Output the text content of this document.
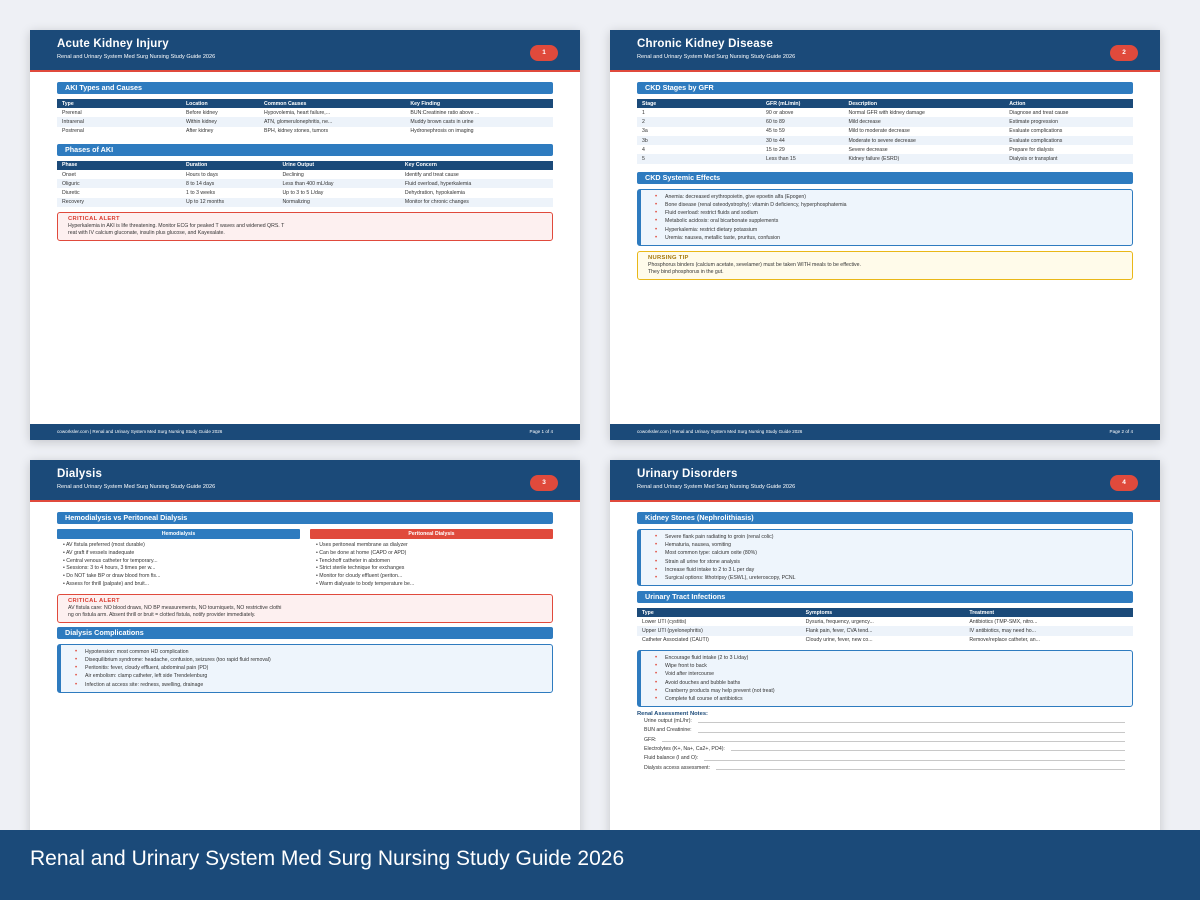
Acute Kidney Injury
Renal and Urinary System Med Surg Nursing Study Guide 2026
1
AKI Types and Causes
Type	Location	Common Causes	Key Finding
Prerenal	Before kidney	Hypovolemia, heart failure,...	BUN:Creatinine ratio above ...
Intrarenal	Within kidney	ATN, glomerulonephritis, ne...	Muddy brown casts in urine
Postrenal	After kidney	BPH, kidney stones, tumors	Hydronephrosis on imaging
Phases of AKI
Phase	Duration	Urine Output	Key Concern
Onset	Hours to days	Declining	Identify and treat cause
Oliguric	8 to 14 days	Less than 400 mL/day	Fluid overload, hyperkalemia
Diuretic	1 to 3 weeks	Up to 3 to 5 L/day	Dehydration, hypokalemia
Recovery	Up to 12 months	Normalizing	Monitor for chronic changes
CRITICAL ALERT
Hyperkalemia in AKI is life threatening. Monitor ECG for peaked T waves and widened QRS. T
reat with IV calcium gluconate, insulin plus glucose, and Kayexalate.
coworksler.com | Renal and Urinary System Med Surg Nursing Study Guide 2026	Page 1 of 4
Chronic Kidney Disease
Renal and Urinary System Med Surg Nursing Study Guide 2026
2
CKD Stages by GFR
Stage	GFR (mL/min)	Description	Action
1	90 or above	Normal GFR with kidney damage	Diagnose and treat cause
2	60 to 89	Mild decrease	Estimate progression
3a	45 to 59	Mild to moderate decrease	Evaluate complications
3b	30 to 44	Moderate to severe decrease	Evaluate complications
4	15 to 29	Severe decrease	Prepare for dialysis
5	Less than 15	Kidney failure (ESRD)	Dialysis or transplant
CKD Systemic Effects
• Anemia: decreased erythropoietin, give epoetin alfa (Epogen)
• Bone disease (renal osteodystrophy): vitamin D deficiency, hyperphosphatemia
• Fluid overload: restrict fluids and sodium
• Metabolic acidosis: oral bicarbonate supplements
• Hyperkalemia: restrict dietary potassium
• Uremia: nausea, metallic taste, pruritus, confusion
NURSING TIP
Phosphorus binders (calcium acetate, sevelamer) must be taken WITH meals to be effective.
They bind phosphorus in the gut.
coworksler.com | Renal and Urinary System Med Surg Nursing Study Guide 2026	Page 2 of 4
Dialysis
Renal and Urinary System Med Surg Nursing Study Guide 2026
3
Hemodialysis vs Peritoneal Dialysis
Hemodialysis
• AV fistula preferred (most durable)
• AV graft if vessels inadequate
• Central venous catheter for temporary...
• Sessions: 3 to 4 hours, 3 times per w...
• Do NOT take BP or draw blood from fis...
• Assess for thrill (palpate) and bruit...
Peritoneal Dialysis
• Uses peritoneal membrane as dialyzer
• Can be done at home (CAPD or APD)
• Tenckhoff catheter in abdomen
• Strict sterile technique for exchanges
• Monitor for cloudy effluent (periton...
• Warm dialysate to body temperature be...
CRITICAL ALERT
AV fistula care: NO blood draws, NO BP measurements, NO tourniquets, NO restrictive clothi
ng on fistula arm. Absent thrill or bruit = clotted fistula, notify provider immediately.
Dialysis Complications
• Hypotension: most common HD complication
• Disequilibrium syndrome: headache, confusion, seizures (too rapid fluid removal)
• Peritonitis: fever, cloudy effluent, abdominal pain (PD)
• Air embolism: clamp catheter, left side Trendelenburg
• Infection at access site: redness, swelling, drainage
Urinary Disorders
Renal and Urinary System Med Surg Nursing Study Guide 2026
4
Kidney Stones (Nephrolithiasis)
• Severe flank pain radiating to groin (renal colic)
• Hematuria, nausea, vomiting
• Most common type: calcium oxite (80%)
• Strain all urine for stone analysis
• Increase fluid intake to 2 to 3 L per day
• Surgical options: lithotripsy (ESWL), ureteroscopy, PCNL
Urinary Tract Infections
Type	Symptoms	Treatment
Lower UTI (cystitis)	Dysuria, frequency, urgency...	Antibiotics (TMP-SMX, nitro...
Upper UTI (pyelonephritis)	Flank pain, fever, CVA tend...	IV antibiotics, may need ho...
Catheter Associated (CAUTI)	Cloudy urine, fever, new co...	Remove/replace catheter, an...
• Encourage fluid intake (2 to 3 L/day)
• Wipe front to back
• Void after intercourse
• Avoid douches and bubble baths
• Cranberry products may help prevent (not treat)
• Complete full course of antibiotics
Renal Assessment Notes:
Urine output (mL/hr):
BUN and Creatinine:
GFR:
Electrolytes (K+, Na+, Ca2+, PO4):
Fluid balance (I and O):
Dialysis access assessment:
Renal and Urinary System Med Surg Nursing Study Guide 2026
